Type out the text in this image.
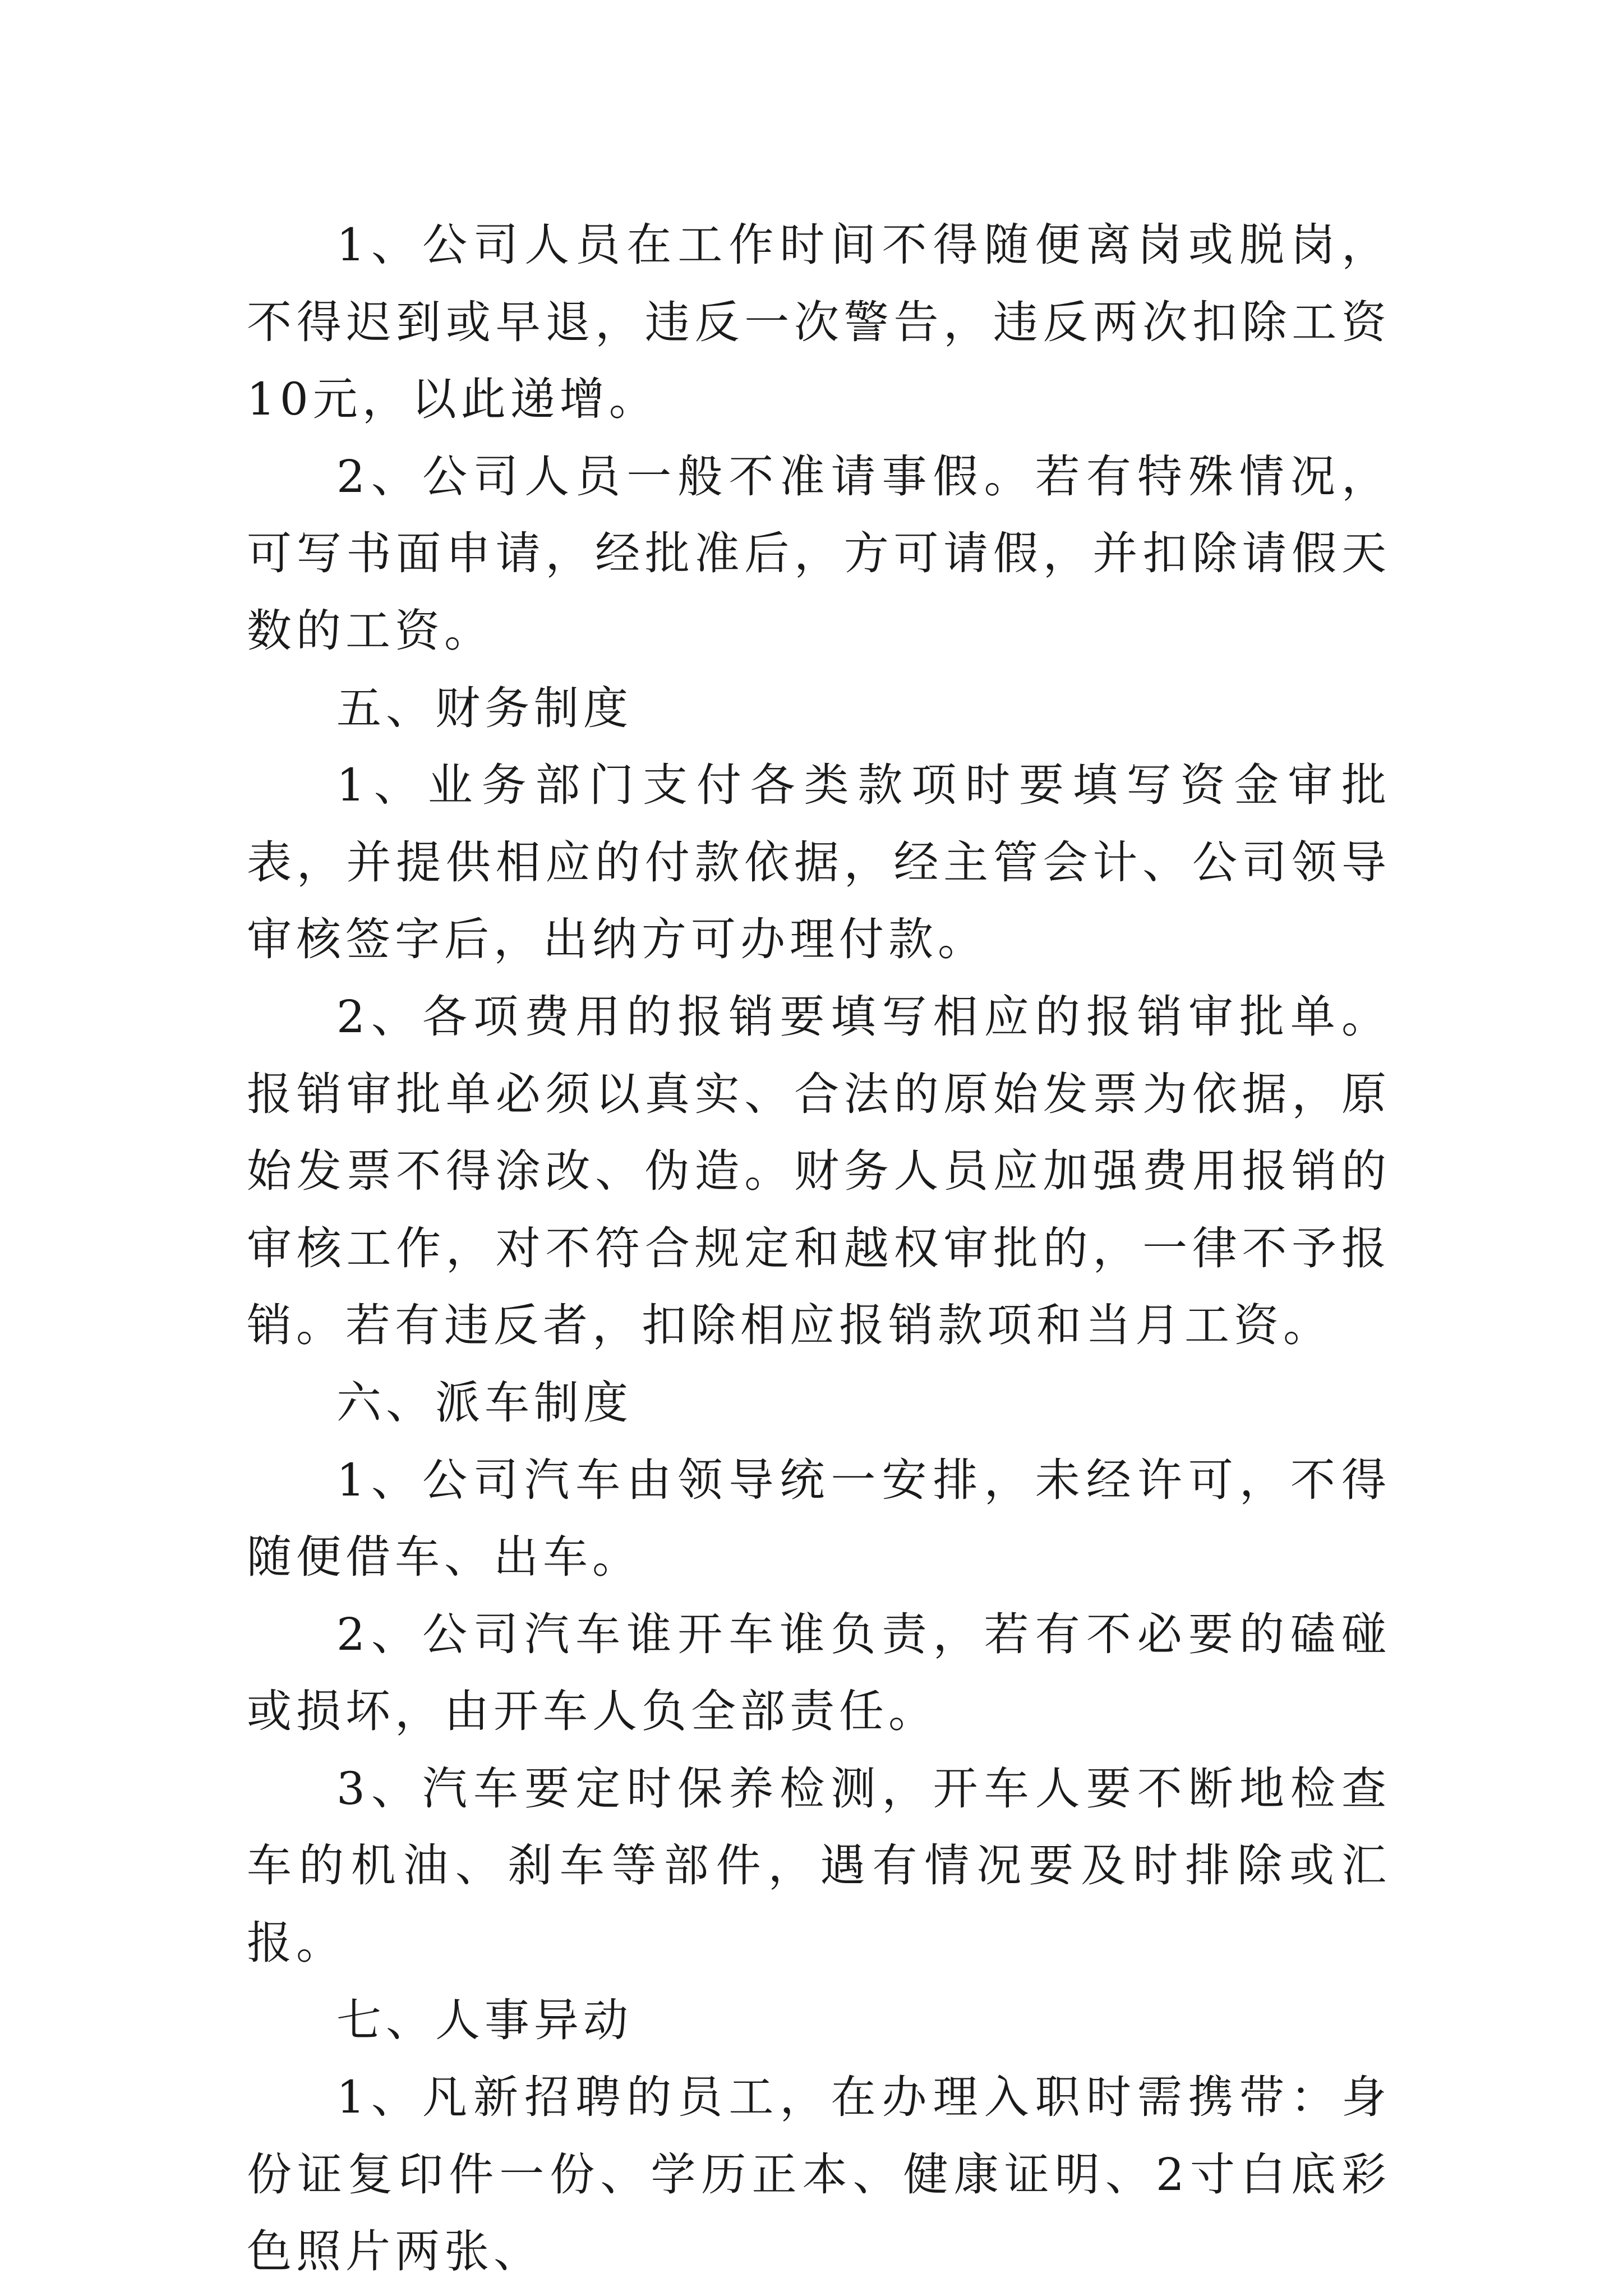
1、公司人员在工作时间不得随便离岗或脱岗，不得迟到或早退，违反一次警告，违反两次扣除工资10元，以此递增。

2、公司人员一般不准请事假。若有特殊情况，可写书面申请，经批准后，方可请假，并扣除请假天数的工资。

五、财务制度

1、业务部门支付各类款项时要填写资金审批表，并提供相应的付款依据，经主管会计、公司领导审核签字后，出纳方可办理付款。

2、各项费用的报销要填写相应的报销审批单。报销审批单必须以真实、合法的原始发票为依据，原始发票不得涂改、伪造。财务人员应加强费用报销的审核工作，对不符合规定和越权审批的，一律不予报销。若有违反者，扣除相应报销款项和当月工资。

六、派车制度

1、公司汽车由领导统一安排，未经许可，不得随便借车、出车。

2、公司汽车谁开车谁负责，若有不必要的磕碰或损坏，由开车人负全部责任。

3、汽车要定时保养检测，开车人要不断地检查车的机油、刹车等部件，遇有情况要及时排除或汇报。

七、人事异动

1、凡新招聘的员工，在办理入职时需携带：身份证复印件一份、学历正本、健康证明、2寸白底彩色照片两张、
